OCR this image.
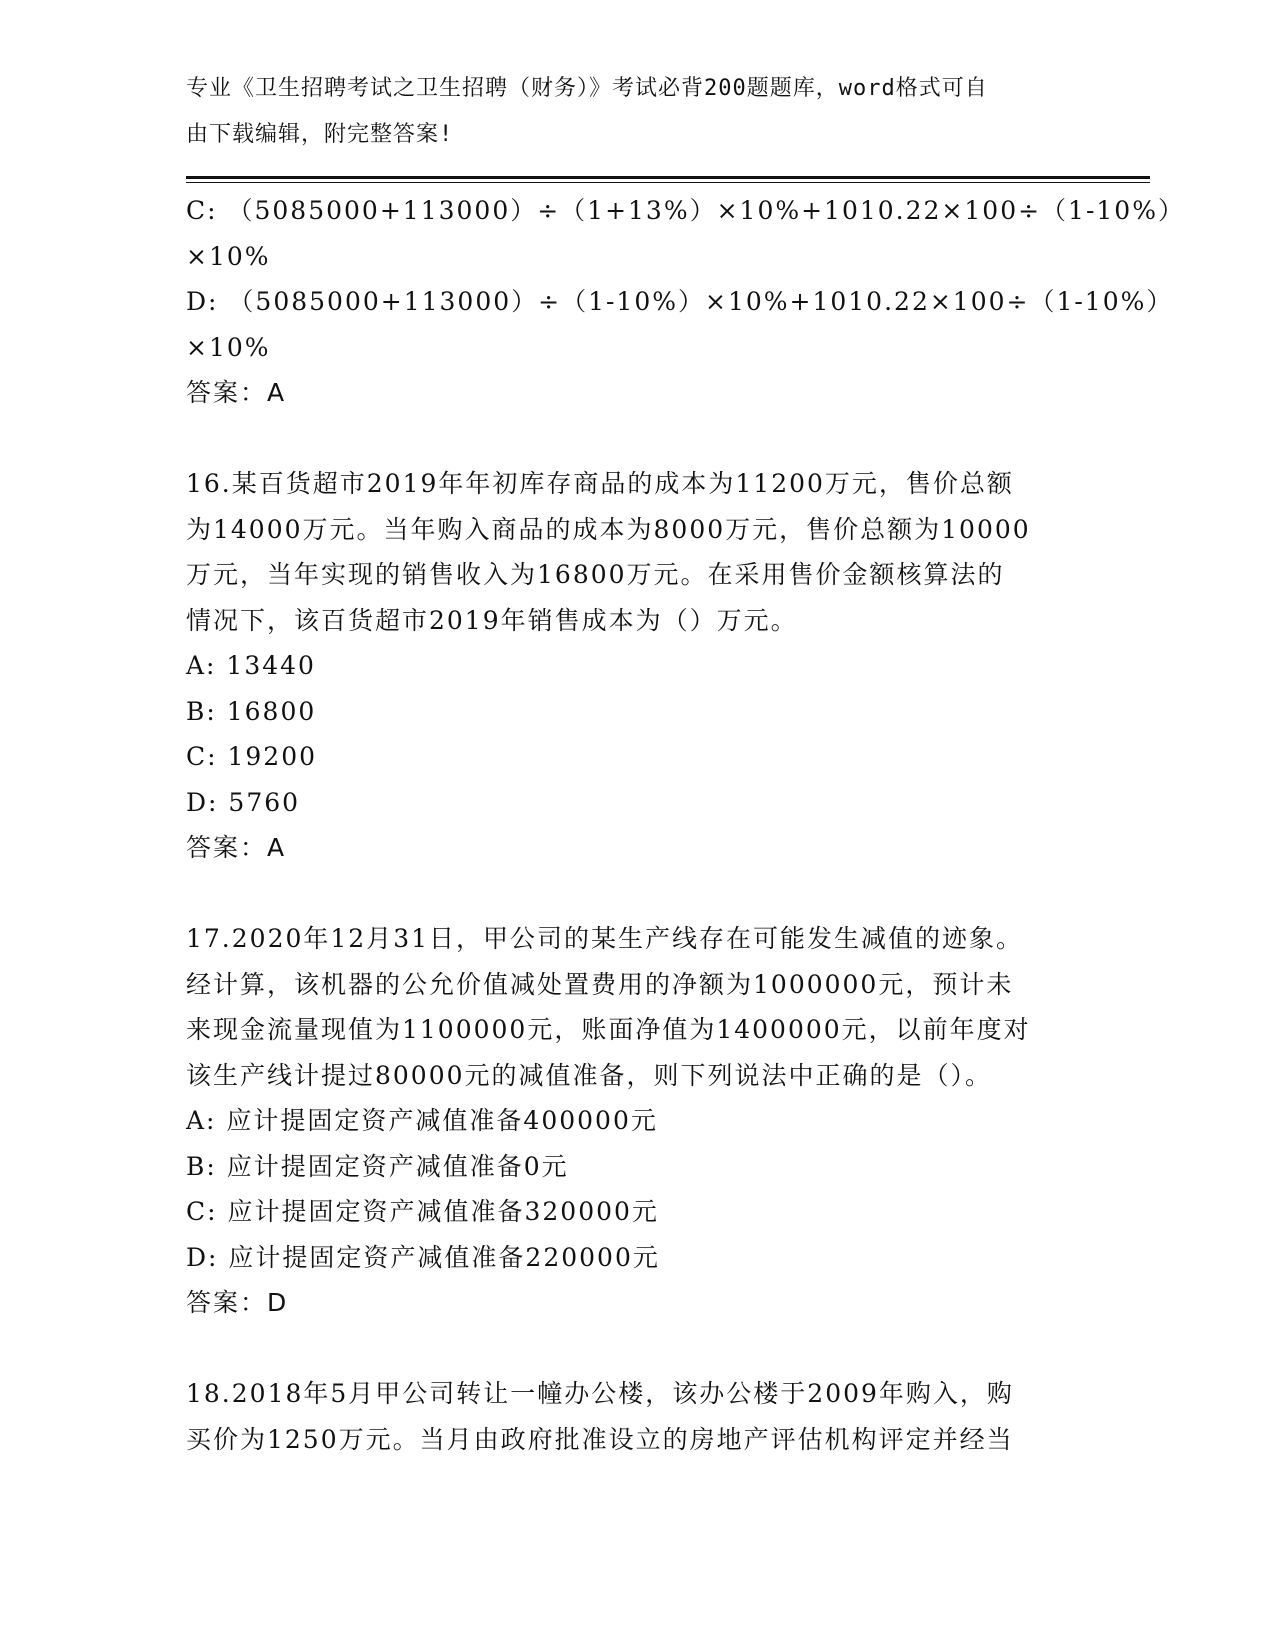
专业《卫生招聘考试之卫生招聘（财务）》考试必背200题题库，word格式可自
由下载编辑，附完整答案!
C: （5085000+113000）÷（1+13%）×10%+1010.22×100÷（1-10%）
×10%
D: （5085000+113000）÷（1-10%）×10%+1010.22×100÷（1-10%）
×10%
答案：A
16.某百货超市2019年年初库存商品的成本为11200万元，售价总额
为14000万元。当年购入商品的成本为8000万元，售价总额为10000
万元，当年实现的销售收入为16800万元。在采用售价金额核算法的
情况下，该百货超市2019年销售成本为（）万元。
A: 13440
B: 16800
C: 19200
D: 5760
答案：A
17.2020年12月31日，甲公司的某生产线存在可能发生减值的迹象。
经计算，该机器的公允价值减处置费用的净额为1000000元，预计未
来现金流量现值为1100000元，账面净值为1400000元，以前年度对
该生产线计提过80000元的减值准备，则下列说法中正确的是（）。
A: 应计提固定资产减值准备400000元
B: 应计提固定资产减值准备0元
C: 应计提固定资产减值准备320000元
D: 应计提固定资产减值准备220000元
答案：D
18.2018年5月甲公司转让一幢办公楼，该办公楼于2009年购入，购
买价为1250万元。当月由政府批准设立的房地产评估机构评定并经当
